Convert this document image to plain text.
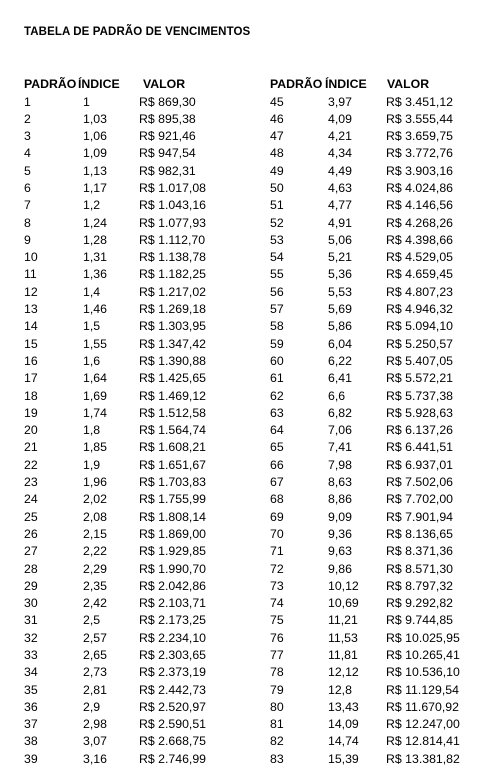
TABELA DE PADRÃO DE VENCIMENTOS
PADRÃO ÍNDICE VALOR
1	1	R$ 869,30
2	1,03	R$ 895,38
3	1,06	R$ 921,46
4	1,09	R$ 947,54
5	1,13	R$ 982,31
6	1,17	R$ 1.017,08
7	1,2	R$ 1.043,16
8	1,24	R$ 1.077,93
9	1,28	R$ 1.112,70
10	1,31	R$ 1.138,78
11	1,36	R$ 1.182,25
12	1,4	R$ 1.217,02
13	1,46	R$ 1.269,18
14	1,5	R$ 1.303,95
15	1,55	R$ 1.347,42
16	1,6	R$ 1.390,88
17	1,64	R$ 1.425,65
18	1,69	R$ 1.469,12
19	1,74	R$ 1.512,58
20	1,8	R$ 1.564,74
21	1,85	R$ 1.608,21
22	1,9	R$ 1.651,67
23	1,96	R$ 1.703,83
24	2,02	R$ 1.755,99
25	2,08	R$ 1.808,14
26	2,15	R$ 1.869,00
27	2,22	R$ 1.929,85
28	2,29	R$ 1.990,70
29	2,35	R$ 2.042,86
30	2,42	R$ 2.103,71
31	2,5	R$ 2.173,25
32	2,57	R$ 2.234,10
33	2,65	R$ 2.303,65
34	2,73	R$ 2.373,19
35	2,81	R$ 2.442,73
36	2,9	R$ 2.520,97
37	2,98	R$ 2.590,51
38	3,07	R$ 2.668,75
39	3,16	R$ 2.746,99
PADRÃO ÍNDICE VALOR
45	3,97	R$ 3.451,12
46	4,09	R$ 3.555,44
47	4,21	R$ 3.659,75
48	4,34	R$ 3.772,76
49	4,49	R$ 3.903,16
50	4,63	R$ 4.024,86
51	4,77	R$ 4.146,56
52	4,91	R$ 4.268,26
53	5,06	R$ 4.398,66
54	5,21	R$ 4.529,05
55	5,36	R$ 4.659,45
56	5,53	R$ 4.807,23
57	5,69	R$ 4.946,32
58	5,86	R$ 5.094,10
59	6,04	R$ 5.250,57
60	6,22	R$ 5.407,05
61	6,41	R$ 5.572,21
62	6,6	R$ 5.737,38
63	6,82	R$ 5.928,63
64	7,06	R$ 6.137,26
65	7,41	R$ 6.441,51
66	7,98	R$ 6.937,01
67	8,63	R$ 7.502,06
68	8,86	R$ 7.702,00
69	9,09	R$ 7.901,94
70	9,36	R$ 8.136,65
71	9,63	R$ 8.371,36
72	9,86	R$ 8.571,30
73	10,12 R$ 8.797,32
74	10,69 R$ 9.292,82
75	11,21 R$ 9.744,85
76	11,53 R$ 10.025,95
77	11,81 R$ 10.265,41
78	12,12 R$ 10.536,10
79	12,8	R$ 11.129,54
80	13,43 R$ 11.670,92
81	14,09 R$ 12.247,00
82	14,74 R$ 12.814,41
83	15,39 R$ 13.381,82
